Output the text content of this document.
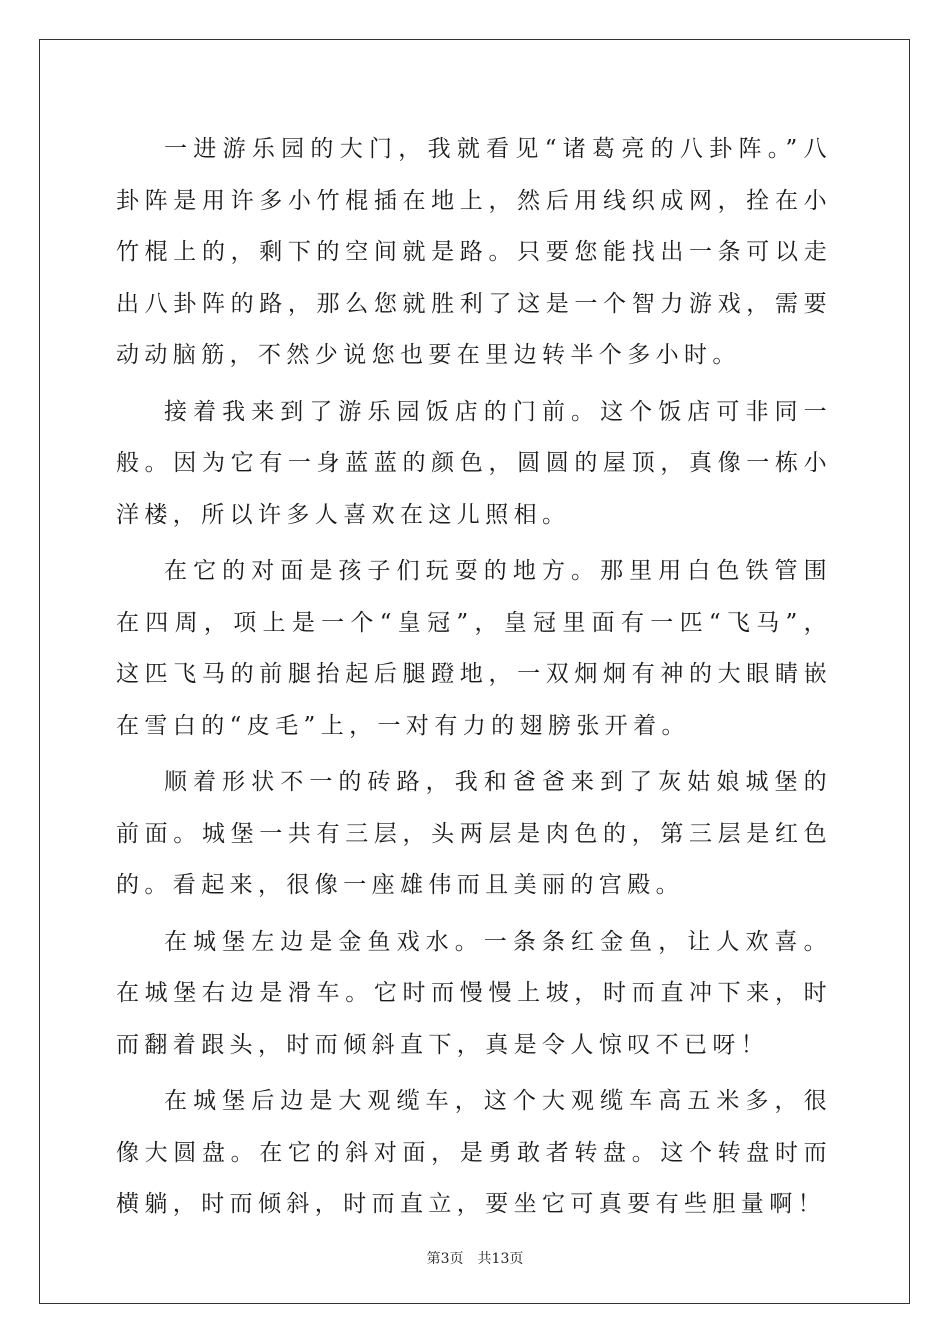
一进游乐园的大门，我就看见“诸葛亮的八卦阵。”八卦阵是用许多小竹棍插在地上，然后用线织成网，拴在小竹棍上的，剩下的空间就是路。只要您能找出一条可以走出八卦阵的路，那么您就胜利了这是一个智力游戏，需要动动脑筋，不然少说您也要在里边转半个多小时。

接着我来到了游乐园饭店的门前。这个饭店可非同一般。因为它有一身蓝蓝的颜色，圆圆的屋顶，真像一栋小洋楼，所以许多人喜欢在这儿照相。

在它的对面是孩子们玩耍的地方。那里用白色铁管围在四周，项上是一个“皇冠”，皇冠里面有一匹“飞马”，这匹飞马的前腿抬起后腿蹬地，一双炯炯有神的大眼睛嵌在雪白的“皮毛”上，一对有力的翅膀张开着。

顺着形状不一的砖路，我和爸爸来到了灰姑娘城堡的前面。城堡一共有三层，头两层是肉色的，第三层是红色的。看起来，很像一座雄伟而且美丽的宫殿。

在城堡左边是金鱼戏水。一条条红金鱼，让人欢喜。在城堡右边是滑车。它时而慢慢上坡，时而直冲下来，时而翻着跟头，时而倾斜直下，真是令人惊叹不已呀！

在城堡后边是大观缆车，这个大观缆车高五米多，很像大圆盘。在它的斜对面，是勇敢者转盘。这个转盘时而横躺，时而倾斜，时而直立，要坐它可真要有些胆量啊！

第3页 共13页
